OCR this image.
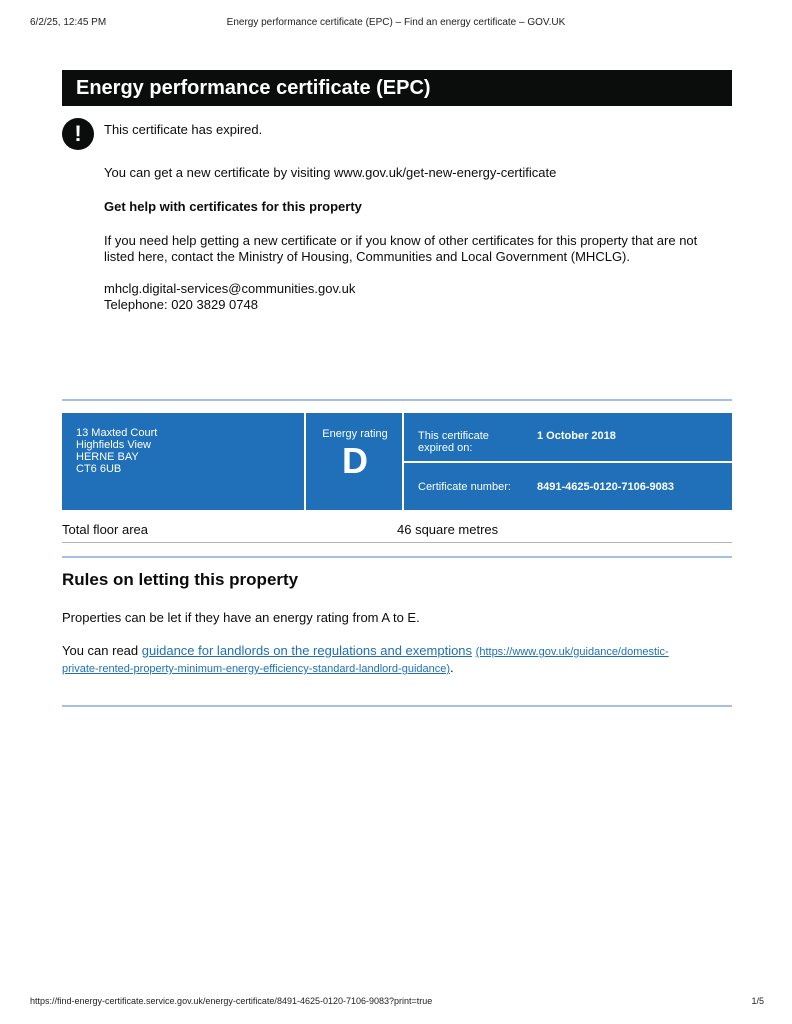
6/2/25, 12:45 PM	Energy performance certificate (EPC) – Find an energy certificate – GOV.UK
Energy performance certificate (EPC)
!	This certificate has expired.
You can get a new certificate by visiting www.gov.uk/get-new-energy-certificate
Get help with certificates for this property
If you need help getting a new certificate or if you know of other certificates for this property that are not listed here, contact the Ministry of Housing, Communities and Local Government (MHCLG).
mhclg.digital-services@communities.gov.uk
Telephone: 020 3829 0748
13 Maxted Court
Highfields View
HERNE BAY
CT6 6UB
Energy rating
D
This certificate expired on:
1 October 2018
Certificate number: 8491-4625-0120-7106-9083
Total floor area	46 square metres
Rules on letting this property
Properties can be let if they have an energy rating from A to E.
You can read guidance for landlords on the regulations and exemptions (https://www.gov.uk/guidance/domestic-
private-rented-property-minimum-energy-efficiency-standard-landlord-guidance).
https://find-energy-certificate.service.gov.uk/energy-certificate/8491-4625-0120-7106-9083?print=true	1/5
